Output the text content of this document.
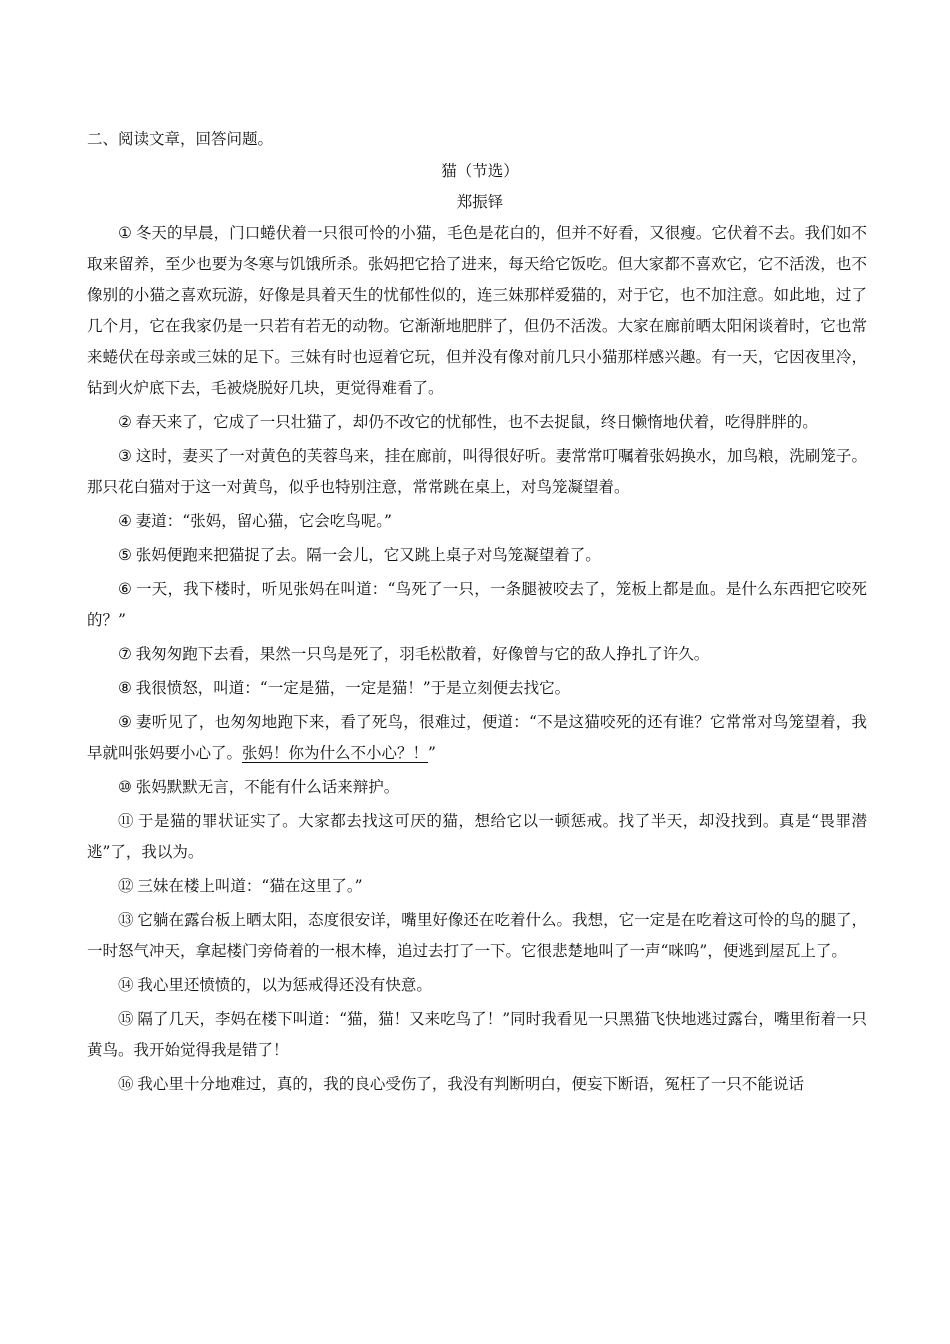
二、阅读文章，回答问题。

猫（节选）

郑振铎

① 冬天的早晨，门口蜷伏着一只很可怜的小猫，毛色是花白的，但并不好看，又很瘦。它伏着不去。我们如不取来留养，至少也要为冬寒与饥饿所杀。张妈把它拾了进来，每天给它饭吃。但大家都不喜欢它，它不活泼，也不像别的小猫之喜欢玩游，好像是具着天生的忧郁性似的，连三妹那样爱猫的，对于它，也不加注意。如此地，过了几个月，它在我家仍是一只若有若无的动物。它渐渐地肥胖了，但仍不活泼。大家在廊前晒太阳闲谈着时，它也常来蜷伏在母亲或三妹的足下。三妹有时也逗着它玩，但并没有像对前几只小猫那样感兴趣。有一天，它因夜里冷，钻到火炉底下去，毛被烧脱好几块，更觉得难看了。

② 春天来了，它成了一只壮猫了，却仍不改它的忧郁性，也不去捉鼠，终日懒惰地伏着，吃得胖胖的。

③ 这时，妻买了一对黄色的芙蓉鸟来，挂在廊前，叫得很好听。妻常常叮嘱着张妈换水，加鸟粮，洗刷笼子。那只花白猫对于这一对黄鸟，似乎也特别注意，常常跳在桌上，对鸟笼凝望着。

④ 妻道：“张妈，留心猫，它会吃鸟呢。”

⑤ 张妈便跑来把猫捉了去。隔一会儿，它又跳上桌子对鸟笼凝望着了。

⑥ 一天，我下楼时，听见张妈在叫道：“鸟死了一只，一条腿被咬去了，笼板上都是血。是什么东西把它咬死的？”

⑦ 我匆匆跑下去看，果然一只鸟是死了，羽毛松散着，好像曾与它的敌人挣扎了许久。

⑧ 我很愤怒，叫道：“一定是猫，一定是猫！”于是立刻便去找它。

⑨ 妻听见了，也匆匆地跑下来，看了死鸟，很难过，便道：“不是这猫咬死的还有谁？它常常对鸟笼望着，我早就叫张妈要小心了。张妈！你为什么不小心？！”

⑩ 张妈默默无言，不能有什么话来辩护。

⑪ 于是猫的罪状证实了。大家都去找这可厌的猫，想给它以一顿惩戒。找了半天，却没找到。真是“畏罪潜逃”了，我以为。

⑫ 三妹在楼上叫道：“猫在这里了。”

⑬ 它躺在露台板上晒太阳，态度很安详，嘴里好像还在吃着什么。我想，它一定是在吃着这可怜的鸟的腿了，一时怒气冲天，拿起楼门旁倚着的一根木棒，追过去打了一下。它很悲楚地叫了一声“咪呜”，便逃到屋瓦上了。

⑭ 我心里还愤愤的，以为惩戒得还没有快意。

⑮ 隔了几天，李妈在楼下叫道：“猫，猫！又来吃鸟了！”同时我看见一只黑猫飞快地逃过露台，嘴里衔着一只黄鸟。我开始觉得我是错了！

⑯ 我心里十分地难过，真的，我的良心受伤了，我没有判断明白，便妄下断语，冤枉了一只不能说话
